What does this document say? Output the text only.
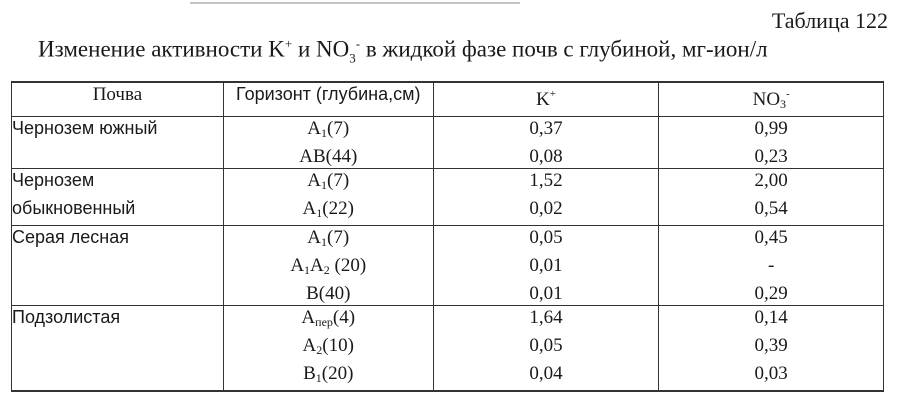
Таблица 122
Изменение активности K+ и $NO_3^-$ в жидкой фазе почв с глубиной, мг-ион/л
Почва	Горизонт (глубина,см)	K+	NO3-
Чернозем южный	A1(7)	0,37	0,99
	AB(44)	0,08	0,23
Чернозем	A1(7)	1,52	2,00
обыкновенный	A1(22)	0,02	0,54
Серая лесная	A1(7)	0,05	0,45
	A1A2 (20)	0,01	-
	B(40)	0,01	0,29
Подзолистая	Aпер(4)	1,64	0,14
	A2(10)	0,05	0,39
	B1(20)	0,04	0,03
